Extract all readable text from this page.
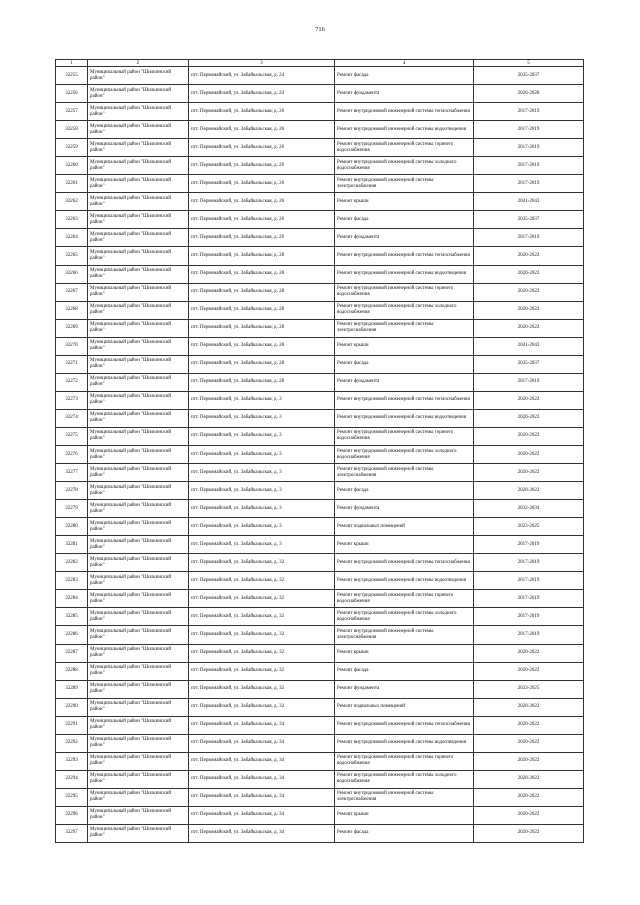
716
1	2	3	4	5
32255	Муниципальный район "Шилкинский район"	пгт. Первомайский, ул. Забайкальская, д. 24	Ремонт фасада	2035-2037
32256	Муниципальный район "Шилкинский район"	пгт. Первомайский, ул. Забайкальская, д. 24	Ремонт фундамента	2026-2028
32257	Муниципальный район "Шилкинский район"	пгт. Первомайский, ул. Забайкальская, д. 26	Ремонт внутридомовой инженерной системы теплоснабжения	2017-2019
32258	Муниципальный район "Шилкинский район"	пгт. Первомайский, ул. Забайкальская, д. 26	Ремонт внутридомовой инженерной системы водоотведения	2017-2019
32259	Муниципальный район "Шилкинский район"	пгт. Первомайский, ул. Забайкальская, д. 26	Ремонт внутридомовой инженерной системы горячего водоснабжения	2017-2019
32260	Муниципальный район "Шилкинский район"	пгт. Первомайский, ул. Забайкальская, д. 26	Ремонт внутридомовой инженерной системы холодного водоснабжения	2017-2019
32261	Муниципальный район "Шилкинский район"	пгт. Первомайский, ул. Забайкальская, д. 26	Ремонт внутридомовой инженерной системы электроснабжения	2017-2019
32262	Муниципальный район "Шилкинский район"	пгт. Первомайский, ул. Забайкальская, д. 26	Ремонт крыши	2041-2043
32263	Муниципальный район "Шилкинский район"	пгт. Первомайский, ул. Забайкальская, д. 26	Ремонт фасада	2035-2037
32264	Муниципальный район "Шилкинский район"	пгт. Первомайский, ул. Забайкальская, д. 26	Ремонт фундамента	2017-2019
32265	Муниципальный район "Шилкинский район"	пгт. Первомайский, ул. Забайкальская, д. 28	Ремонт внутридомовой инженерной системы теплоснабжения	2020-2022
32266	Муниципальный район "Шилкинский район"	пгт. Первомайский, ул. Забайкальская, д. 28	Ремонт внутридомовой инженерной системы водоотведения	2020-2022
32267	Муниципальный район "Шилкинский район"	пгт. Первомайский, ул. Забайкальская, д. 28	Ремонт внутридомовой инженерной системы горячего водоснабжения	2020-2022
32268	Муниципальный район "Шилкинский район"	пгт. Первомайский, ул. Забайкальская, д. 28	Ремонт внутридомовой инженерной системы холодного водоснабжения	2020-2022
32269	Муниципальный район "Шилкинский район"	пгт. Первомайский, ул. Забайкальская, д. 28	Ремонт внутридомовой инженерной системы электроснабжения	2020-2022
32270	Муниципальный район "Шилкинский район"	пгт. Первомайский, ул. Забайкальская, д. 28	Ремонт крыши	2041-2043
32271	Муниципальный район "Шилкинский район"	пгт. Первомайский, ул. Забайкальская, д. 28	Ремонт фасада	2035-2037
32272	Муниципальный район "Шилкинский район"	пгт. Первомайский, ул. Забайкальская, д. 28	Ремонт фундамента	2017-2019
32273	Муниципальный район "Шилкинский район"	пгт. Первомайский, ул. Забайкальская, д. 3	Ремонт внутридомовой инженерной системы теплоснабжения	2020-2022
32274	Муниципальный район "Шилкинский район"	пгт. Первомайский, ул. Забайкальская, д. 3	Ремонт внутридомовой инженерной системы водоотведения	2020-2022
32275	Муниципальный район "Шилкинский район"	пгт. Первомайский, ул. Забайкальская, д. 3	Ремонт внутридомовой инженерной системы горячего водоснабжения	2020-2022
32276	Муниципальный район "Шилкинский район"	пгт. Первомайский, ул. Забайкальская, д. 3	Ремонт внутридомовой инженерной системы холодного водоснабжения	2020-2022
32277	Муниципальный район "Шилкинский район"	пгт. Первомайский, ул. Забайкальская, д. 3	Ремонт внутридомовой инженерной системы электроснабжения	2020-2022
32278	Муниципальный район "Шилкинский район"	пгт. Первомайский, ул. Забайкальская, д. 3	Ремонт фасада	2020-2022
32279	Муниципальный район "Шилкинский район"	пгт. Первомайский, ул. Забайкальская, д. 3	Ремонт фундамента	2032-2034
32280	Муниципальный район "Шилкинский район"	пгт. Первомайский, ул. Забайкальская, д. 3	Ремонт подвальных помещений	2023-2025
32281	Муниципальный район "Шилкинский район"	пгт. Первомайский, ул. Забайкальская, д. 3	Ремонт крыши	2017-2019
32282	Муниципальный район "Шилкинский район"	пгт. Первомайский, ул. Забайкальская, д. 32	Ремонт внутридомовой инженерной системы теплоснабжения	2017-2019
32283	Муниципальный район "Шилкинский район"	пгт. Первомайский, ул. Забайкальская, д. 32	Ремонт внутридомовой инженерной системы водоотведения	2017-2019
32284	Муниципальный район "Шилкинский район"	пгт. Первомайский, ул. Забайкальская, д. 32	Ремонт внутридомовой инженерной системы горячего водоснабжения	2017-2019
32285	Муниципальный район "Шилкинский район"	пгт. Первомайский, ул. Забайкальская, д. 32	Ремонт внутридомовой инженерной системы холодного водоснабжения	2017-2019
32286	Муниципальный район "Шилкинский район"	пгт. Первомайский, ул. Забайкальская, д. 32	Ремонт внутридомовой инженерной системы электроснабжения	2017-2019
32287	Муниципальный район "Шилкинский район"	пгт. Первомайский, ул. Забайкальская, д. 32	Ремонт крыши	2020-2022
32288	Муниципальный район "Шилкинский район"	пгт. Первомайский, ул. Забайкальская, д. 32	Ремонт фасада	2020-2022
32289	Муниципальный район "Шилкинский район"	пгт. Первомайский, ул. Забайкальская, д. 32	Ремонт фундамента	2023-2025
32290	Муниципальный район "Шилкинский район"	пгт. Первомайский, ул. Забайкальская, д. 32	Ремонт подвальных помещений	2020-2022
32291	Муниципальный район "Шилкинский район"	пгт. Первомайский, ул. Забайкальская, д. 34	Ремонт внутридомовой инженерной системы теплоснабжения	2020-2022
32292	Муниципальный район "Шилкинский район"	пгт. Первомайский, ул. Забайкальская, д. 34	Ремонт внутридомовой инженерной системы водоотведения	2020-2022
32293	Муниципальный район "Шилкинский район"	пгт. Первомайский, ул. Забайкальская, д. 34	Ремонт внутридомовой инженерной системы горячего водоснабжения	2020-2022
32294	Муниципальный район "Шилкинский район"	пгт. Первомайский, ул. Забайкальская, д. 34	Ремонт внутридомовой инженерной системы холодного водоснабжения	2020-2022
32295	Муниципальный район "Шилкинский район"	пгт. Первомайский, ул. Забайкальская, д. 34	Ремонт внутридомовой инженерной системы электроснабжения	2020-2022
32296	Муниципальный район "Шилкинский район"	пгт. Первомайский, ул. Забайкальская, д. 34	Ремонт крыши	2020-2022
32297	Муниципальный район "Шилкинский район"	пгт. Первомайский, ул. Забайкальская, д. 34	Ремонт фасада	2020-2022
